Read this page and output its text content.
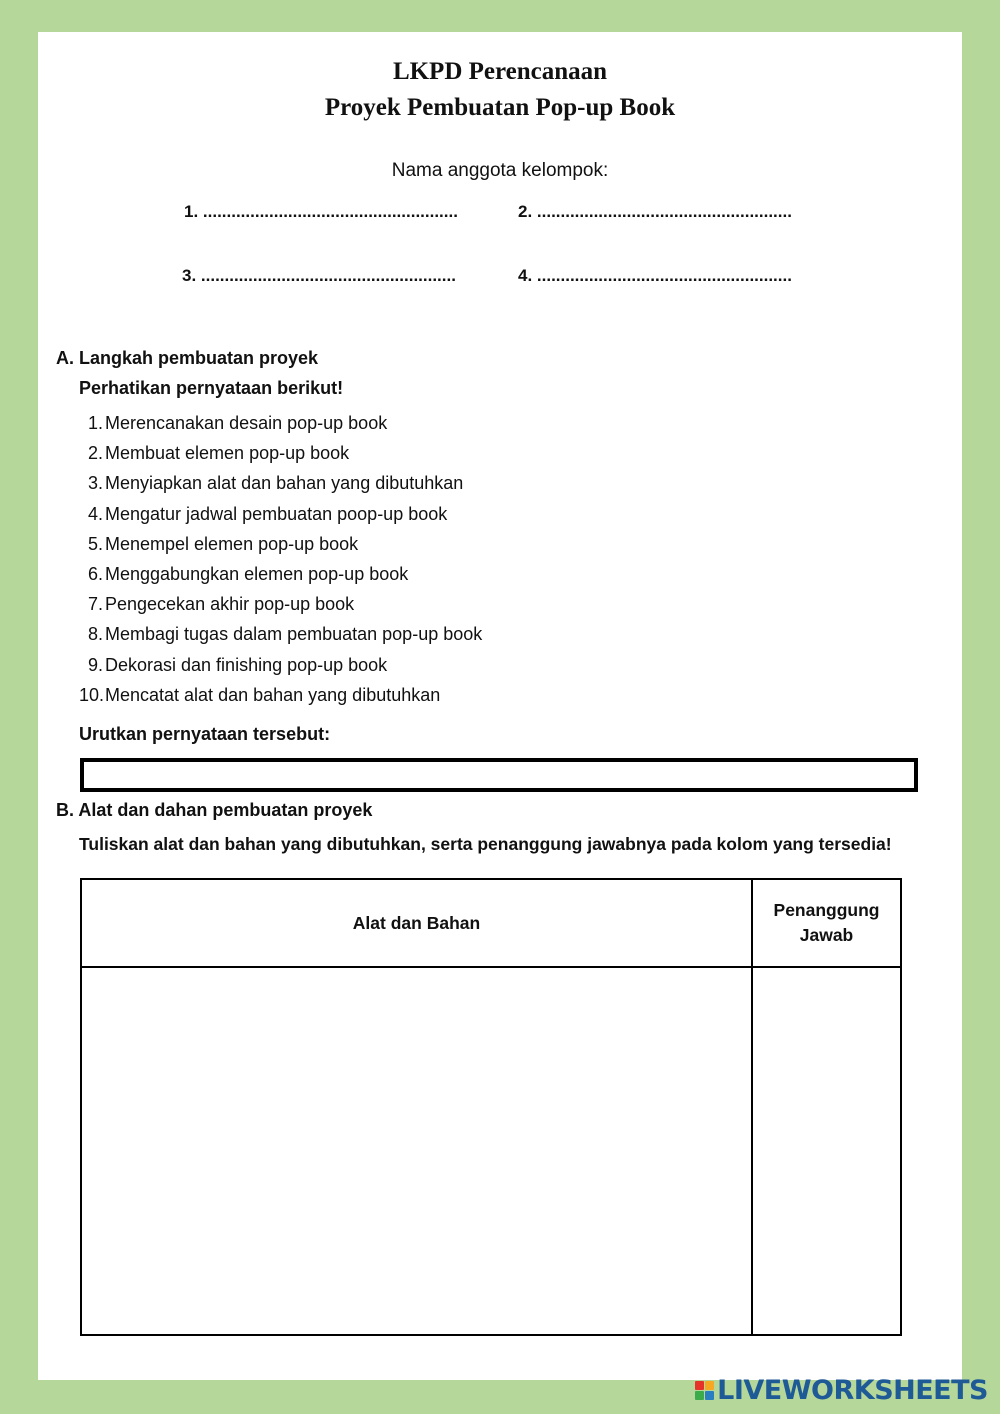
LKPD Perencanaan
Proyek Pembuatan Pop-up Book
Nama anggota kelompok:
1. ......................................................	2. ......................................................
3. ......................................................	4. ......................................................
A. Langkah pembuatan proyek
Perhatikan pernyataan berikut!
1. Merencanakan desain pop-up book
2. Membuat elemen pop-up book
3. Menyiapkan alat dan bahan yang dibutuhkan
4. Mengatur jadwal pembuatan poop-up book
5. Menempel elemen pop-up book
6. Menggabungkan elemen pop-up book
7. Pengecekan akhir pop-up book
8. Membagi tugas dalam pembuatan pop-up book
9. Dekorasi dan finishing pop-up book
10. Mencatat alat dan bahan yang dibutuhkan
Urutkan pernyataan tersebut:
B. Alat dan dahan pembuatan proyek
Tuliskan alat dan bahan yang dibutuhkan, serta penanggung jawabnya pada kolom yang tersedia!
Alat dan Bahan
Penanggung
Jawab
LIVEWORKSHEETS
